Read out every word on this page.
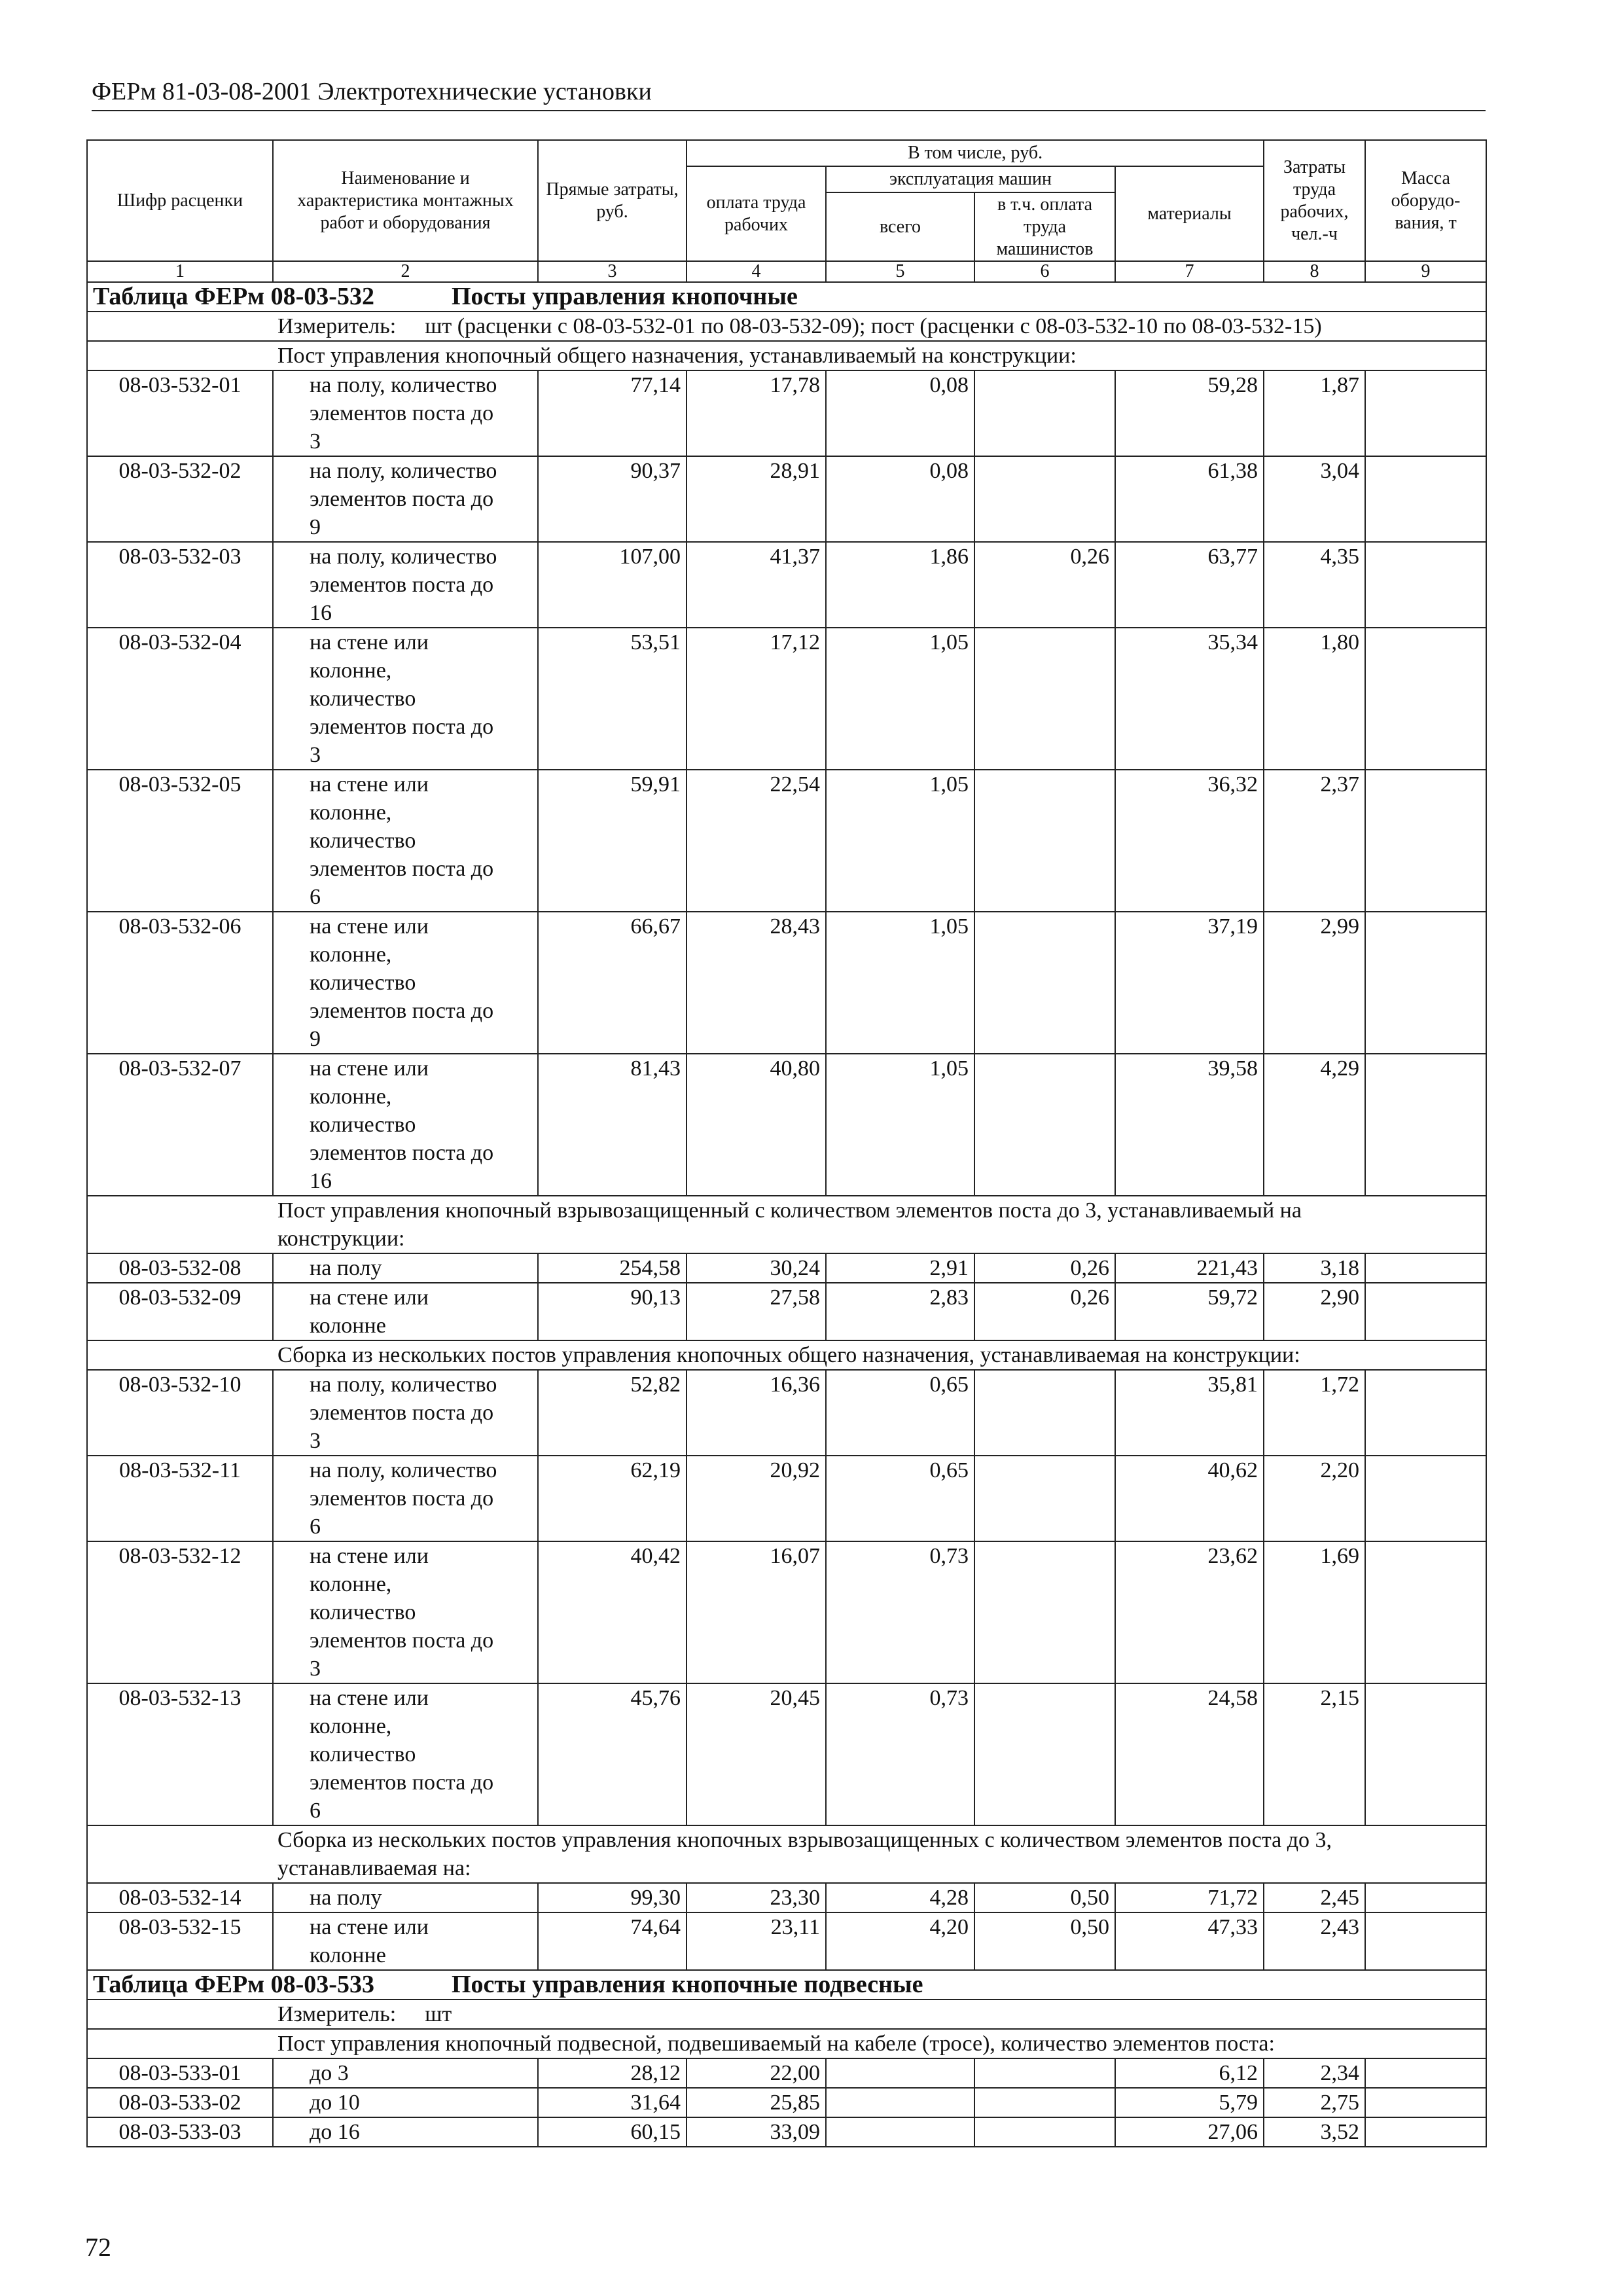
ФЕРм 81-03-08-2001 Электротехнические установки
Шифр расценки	Наименование и характеристика монтажных работ и оборудования	Прямые затраты, руб.	В том числе, руб.				Затраты труда рабочих, чел.-ч	Масса оборудо-вания, т
			оплата труда рабочих	эксплуатация машин		материалы		
				всего	в т.ч. оплата труда машинистов			
1	2	3	4	5	6	7	8	9
Таблица ФЕРм 08-03-532 Посты управления кнопочные								
Измеритель: шт (расценки с 08-03-532-01 по 08-03-532-09); пост (расценки с 08-03-532-10 по 08-03-532-15)								

Пост управления кнопочный общего назначения, устанавливаемый на конструкции:								

08-03-532-01	на полу, количество
элементов поста до
3	77,14	17,78	0,08		59,28	1,87	
08-03-532-02	на полу, количество
элементов поста до
9	90,37	28,91	0,08		61,38	3,04	
08-03-532-03	на полу, количество
элементов поста до
16	107,00	41,37	1,86	0,26	63,77	4,35	
08-03-532-04	на стене или
колонне,
количество
элементов поста до
3	53,51	17,12	1,05		35,34	1,80	
08-03-532-05	на стене или
колонне,
количество
элементов поста до
6	59,91	22,54	1,05		36,32	2,37	
08-03-532-06	на стене или
колонне,
количество
элементов поста до
9	66,67	28,43	1,05		37,19	2,99	
08-03-532-07	на стене или
колонне,
количество
элементов поста до
16	81,43	40,80	1,05		39,58	4,29	

Пост управления кнопочный взрывозащищенный с количеством элементов поста до 3, устанавливаемый на
конструкции:								

08-03-532-08	на полу	254,58	30,24	2,91	0,26	221,43	3,18	
08-03-532-09	на стене или
колонне	90,13	27,58	2,83	0,26	59,72	2,90	

Сборка из нескольких постов управления кнопочных общего назначения, устанавливаемая на конструкции:								

08-03-532-10	на полу, количество
элементов поста до
3	52,82	16,36	0,65		35,81	1,72	
08-03-532-11	на полу, количество
элементов поста до
6	62,19	20,92	0,65		40,62	2,20	
08-03-532-12	на стене или
колонне,
количество
элементов поста до
3	40,42	16,07	0,73		23,62	1,69	
08-03-532-13	на стене или
колонне,
количество
элементов поста до
6	45,76	20,45	0,73		24,58	2,15	

Сборка из нескольких постов управления кнопочных взрывозащищенных с количеством элементов поста до 3,
устанавливаемая на:								

08-03-532-14	на полу	99,30	23,30	4,28	0,50	71,72	2,45	
08-03-532-15	на стене или
колонне	74,64	23,11	4,20	0,50	47,33	2,43	
Таблица ФЕРм 08-03-533 Посты управления кнопочные подвесные								
Измеритель: шт								

Пост управления кнопочный подвесной, подвешиваемый на кабеле (тросе), количество элементов поста:								

08-03-533-01	до 3	28,12	22,00			6,12	2,34	
08-03-533-02	до 10	31,64	25,85			5,79	2,75	
08-03-533-03	до 16	60,15	33,09			27,06	3,52	
72
